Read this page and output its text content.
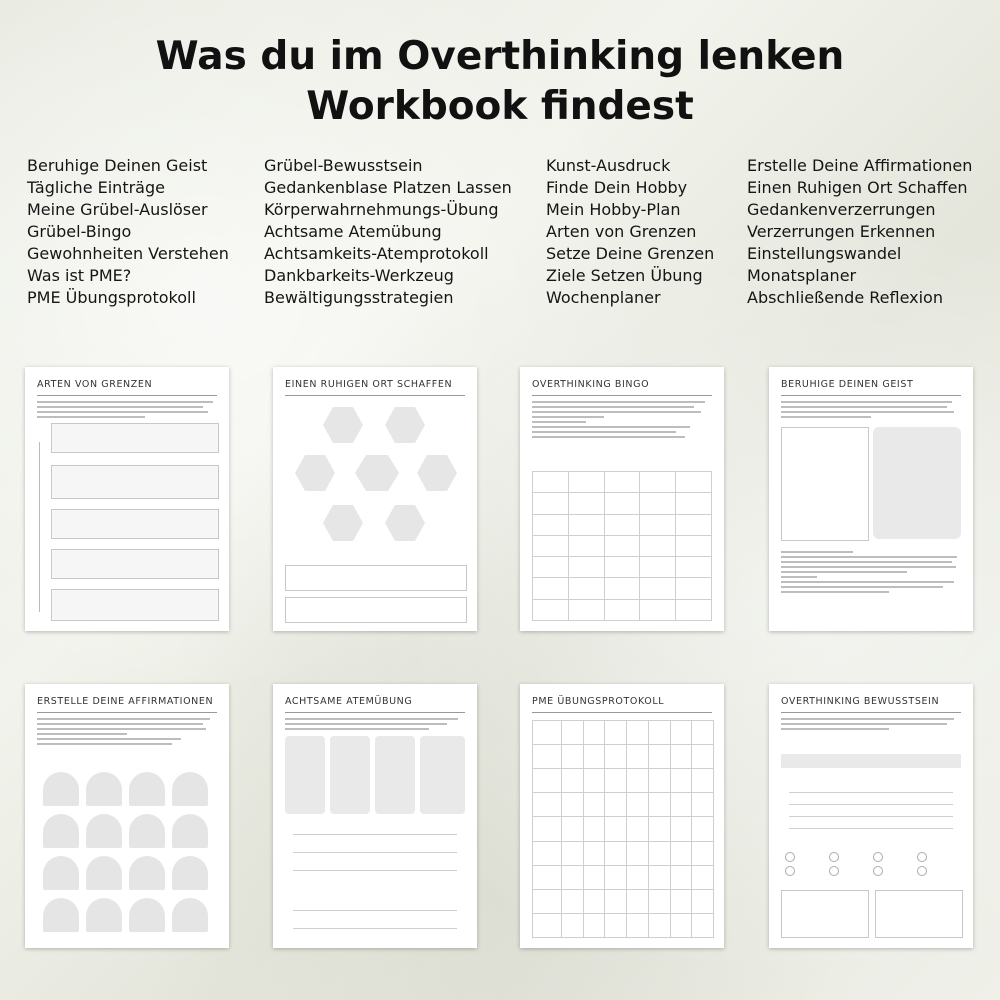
Was du im Overthinking lenken
Workbook findest
Beruhige Deinen Geist
Tägliche Einträge
Meine Grübel-Auslöser
Grübel-Bingo
Gewohnheiten Verstehen
Was ist PME?
PME Übungsprotokoll
Grübel-Bewusstsein
Gedankenblase Platzen Lassen
Körperwahrnehmungs-Übung
Achtsame Atemübung
Achtsamkeits-Atemprotokoll
Dankbarkeits-Werkzeug
Bewältigungsstrategien
Kunst-Ausdruck
Finde Dein Hobby
Mein Hobby-Plan
Arten von Grenzen
Setze Deine Grenzen
Ziele Setzen Übung
Wochenplaner
Erstelle Deine Affirmationen
Einen Ruhigen Ort Schaffen
Gedankenverzerrungen
Verzerrungen Erkennen
Einstellungswandel
Monatsplaner
Abschließende Reflexion
ARTEN VON GRENZEN	EINEN RUHIGEN ORT SCHAFFEN	OVERTHINKING BINGO

					BERUHIGE DEINEN GEIST
ERSTELLE DEINE AFFIRMATIONEN	ACHTSAME ATEMÜBUNG	PME ÜBUNGSPROTOKOLL

								OVERTHINKING BEWUSSTSEIN
